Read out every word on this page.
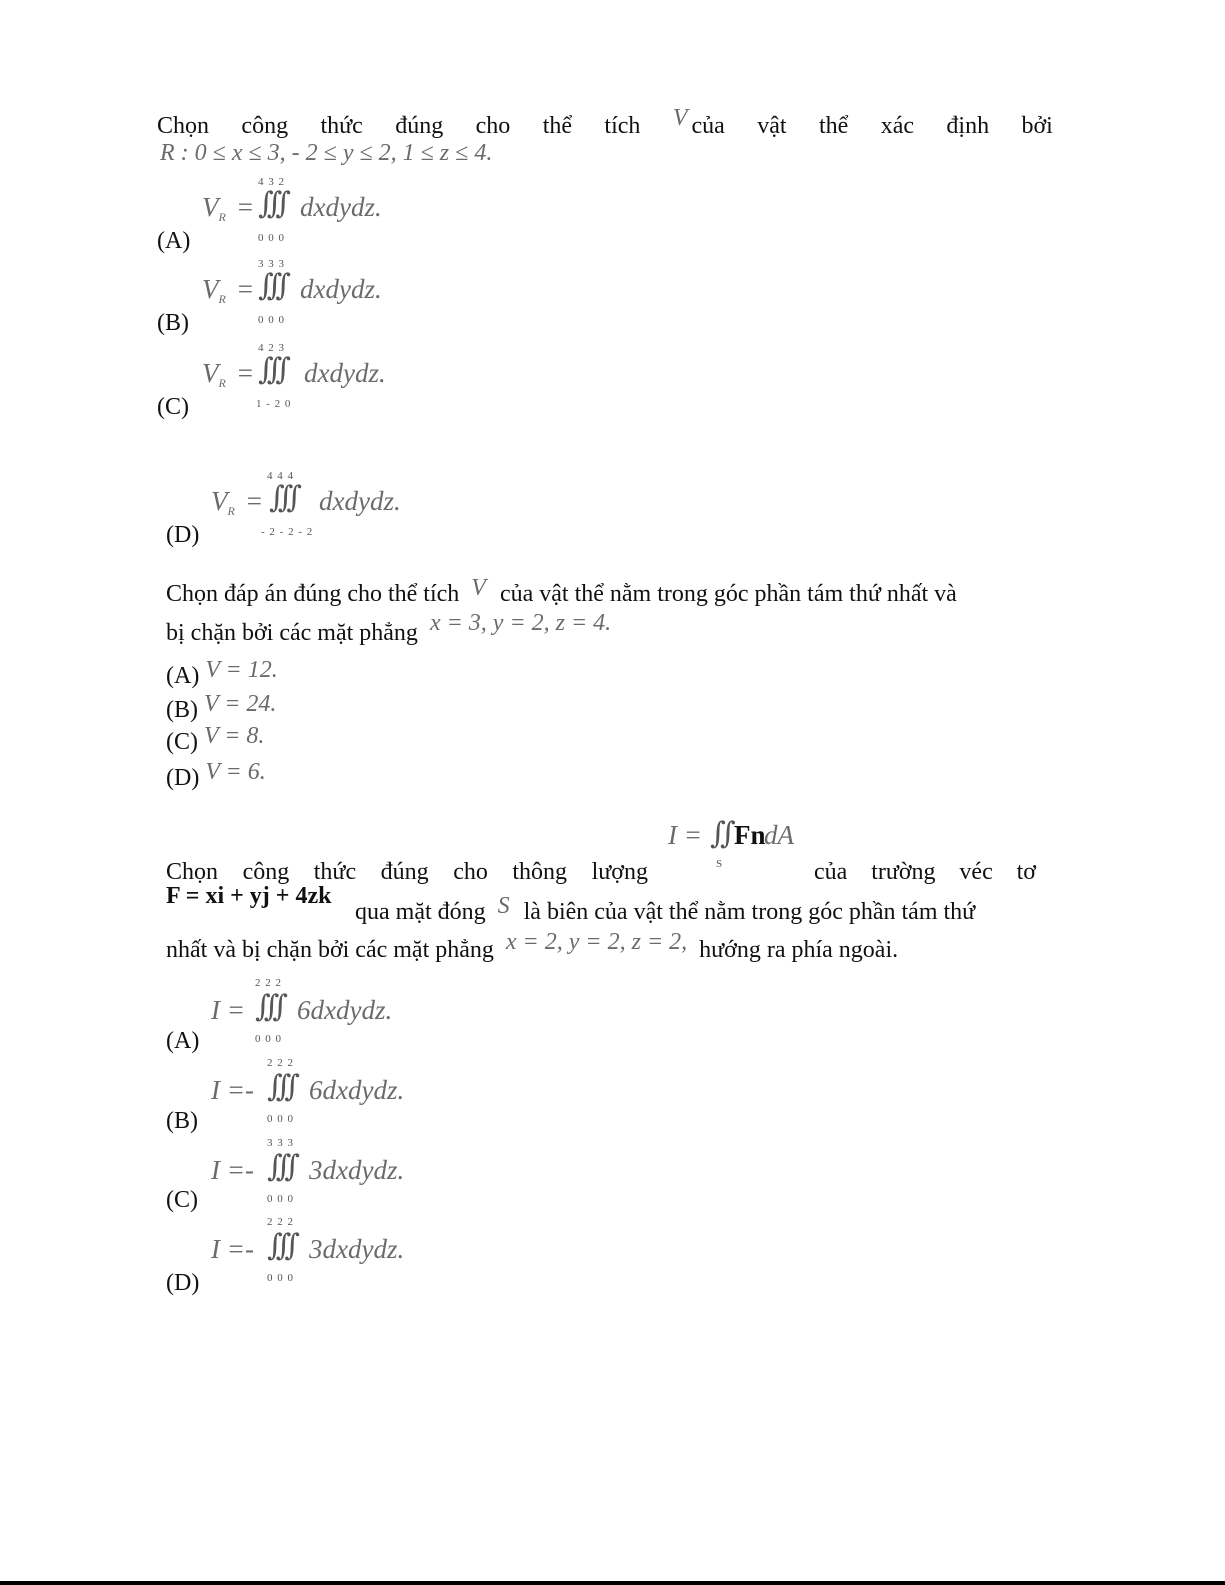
Chọn công thức đúng cho thể tích V của vật thể xác định bởi
R : 0 ≤ x ≤ 3, - 2 ≤ y ≤ 2, 1 ≤ z ≤ 4.
(A)
4 3 2
$V_R$ = ∫∫∫ dxdydz.
0 0 0
(B)
3 3 3
$V_R$ = ∫∫∫ dxdydz.
0 0 0
(C)
4 2 3
$V_R$ = ∫∫∫ dxdydz.
1 - 2 0
(D)
4 4 4
$V_R$ = ∫∫∫ dxdydz.
- 2 - 2 - 2
Chọn đáp án đúng cho thể tích V của vật thể nằm trong góc phần tám thứ nhất và
bị chặn bởi các mặt phẳng x = 3, y = 2, z = 4.
(A) V = 12.
(B) V = 24.
(C) V = 8.
(D) V = 6.
I = ∬ Fn
dA
S
Chọn công thức đúng cho thông lượng	của trường véc tơ
F = xi + yj + 4zk
qua mặt đóng S là biên của vật thể nằm trong góc phần tám thứ
nhất và bị chặn bởi các mặt phẳng x = 2, y = 2, z = 2, hướng ra phía ngoài.
(A)
2 2 2
I = ∫∫∫ 6dxdydz.
0 0 0
(B)
2 2 2
I =- ∫∫∫ 6dxdydz.
0 0 0
(C)
3 3 3
I =- ∫∫∫ 3dxdydz.
0 0 0
(D)
2 2 2
I =- ∫∫∫ 3dxdydz.
0 0 0
